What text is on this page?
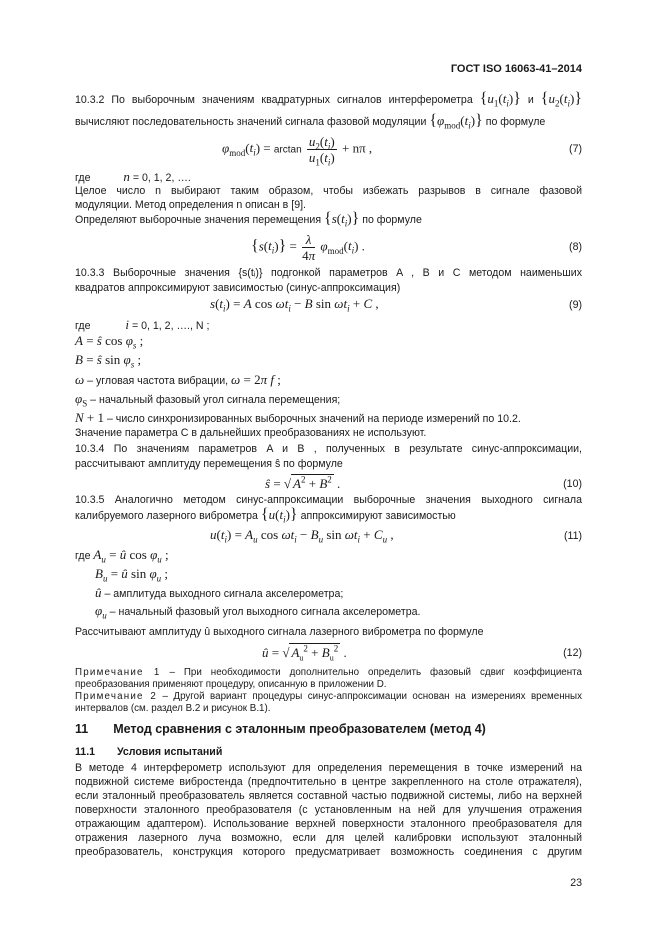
ГОСТ ISO 16063-41–2014
10.3.2 По выборочным значениям квадратурных сигналов интерферометра $\{u_1(t_i)\}$ и $\{u_2(t_i)\}$
вычисляют последовательность значений сигнала фазовой модуляции $\{\varphi_{mod}(t_i)\}$ по формуле
$\varphi_{mod}(t_i) = \arctan \frac{u_2(t_i)}{u_1(t_i)} + n\pi$ ,	(7)
где	n = 0, 1, 2, ….
Целое число n выбирают таким образом, чтобы избежать разрывов в сигнале фазовой
модуляции. Метод определения n описан в [9].
Определяют выборочные значения перемещения $\{s(t_i)\}$ по формуле
$\{s(t_i)\} = \frac{\lambda}{4\pi} \varphi_{mod}(t_i)$ .	(8)
10.3.3 Выборочные значения {s(tᵢ)} подгонкой параметров A , B и C методом наименьших
квадратов аппроксимируют зависимостью (синус-аппроксимация)
$s(t_i) = A$ $\cos \omega t_i - B$ $\sin \omega t_i + C$ ,	(9)
где	i = 0, 1, 2, …., N ;
A = ŝ $\cos \varphi_s$ ;
B = ŝ $\sin \varphi_s$ ;
ω – угловая частота вибрации, ω = 2π f ;
$\varphi_S$ – начальный фазовый угол сигнала перемещения;
N + 1 – число синхронизированных выборочных значений на периоде измерений по 10.2.
Значение параметра C в дальнейших преобразованиях не используют.
10.3.4 По значениям параметров A и B , полученных в результате синус-аппроксимации,
рассчитывают амплитуду перемещения ŝ по формуле
ŝ = √ $A^2 + B^2$ .	(10)
10.3.5 Аналогично методом синус-аппроксимации выборочные значения выходного сигнала
калибруемого лазерного виброметра $\{u(t_i)\}$ аппроксимируют зависимостью
$u(t_i) = A_u$ $\cos \omega t_i - B_u$ $\sin \omega t_i + C_u$ ,	(11)
где $A_u$ = û $\cos \varphi_u$ ;
$B_u$ = û $\sin \varphi_u$ ;
û – амплитуда выходного сигнала акселерометра;
$\varphi_u$ – начальный фазовый угол выходного сигнала акселерометра.
Рассчитывают амплитуду û выходного сигнала лазерного виброметра по формуле
û = √ $A_u^2 + B_u^2$ .	(12)
Примечание 1 – При необходимости дополнительно определить фазовый сдвиг коэффициента
преобразования применяют процедуру, описанную в приложении D.
Примечание 2 – Другой вариант процедуры синус-аппроксимации основан на измерениях временных
интервалов (см. раздел В.2 и рисунок В.1).
11 Метод сравнения с эталонным преобразователем (метод 4)
11.1 Условия испытаний
В методе 4 интерферометр используют для определения перемещения в точке измерений на
подвижной системе вибростенда (предпочтительно в центре закрепленного на столе отражателя),
если эталонный преобразователь является составной частью подвижной системы, либо на верхней
поверхности эталонного преобразователя (с установленным на ней для улучшения отражения
отражающим адаптером). Использование верхней поверхности эталонного преобразователя для
отражения лазерного луча возможно, если для целей калибровки используют эталонный
преобразователь, конструкция которого предусматривает возможность соединения с другим
23
